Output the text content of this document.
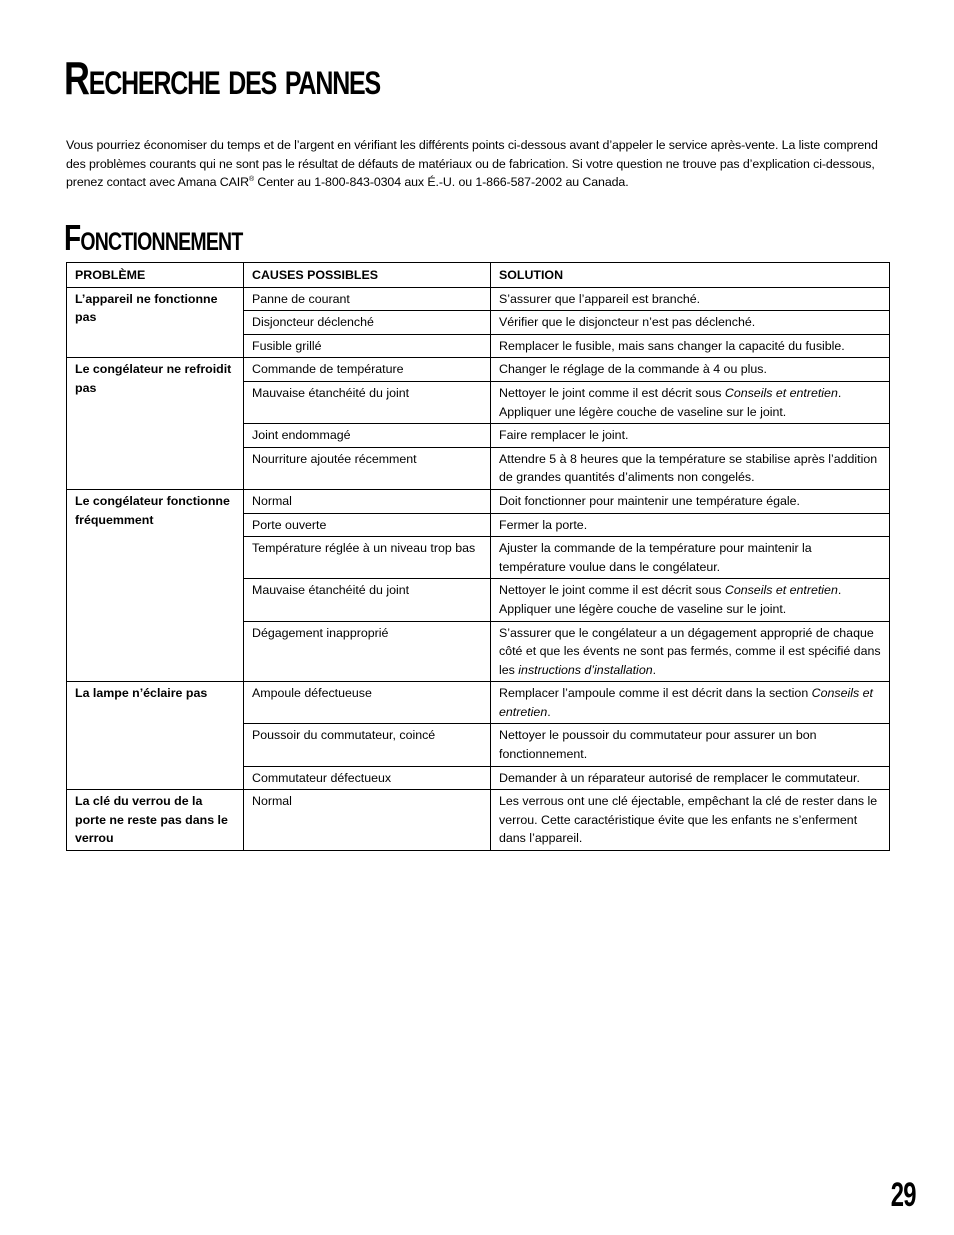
Recherche des pannes

Vous pourriez économiser du temps et de l’argent en vérifiant les différents points ci-dessous avant d’appeler le service après-vente. La liste comprend des problèmes courants qui ne sont pas le résultat de défauts de matériaux ou de fabrication. Si votre question ne trouve pas d’explication ci-dessous, prenez contact avec Amana CAIR® Center au 1-800-843-0304 aux É.-U. ou 1-866-587-2002 au Canada.

Fonctionnement
PROBLÈME	CAUSES POSSIBLES	SOLUTION
L’appareil ne fonctionne pas	Panne de courant	S’assurer que l’appareil est branché.
	Disjoncteur déclenché	Vérifier que le disjoncteur n’est pas déclenché.
	Fusible grillé	Remplacer le fusible, mais sans changer la capacité du fusible.
Le congélateur ne refroidit pas	Commande de température	Changer le réglage de la commande à 4 ou plus.
	Mauvaise étanchéité du joint	Nettoyer le joint comme il est décrit sous Conseils et entretien. Appliquer une légère couche de vaseline sur le joint.
	Joint endommagé	Faire remplacer le joint.
	Nourriture ajoutée récemment	Attendre 5 à 8 heures que la température se stabilise après l’addition de grandes quantités d’aliments non congelés.
Le congélateur fonctionne fréquemment	Normal	Doit fonctionner pour maintenir une température égale.
	Porte ouverte	Fermer la porte.
	Température réglée à un niveau trop bas	Ajuster la commande de la température pour maintenir la température voulue dans le congélateur.
	Mauvaise étanchéité du joint	Nettoyer le joint comme il est décrit sous Conseils et entretien. Appliquer une légère couche de vaseline sur le joint.
	Dégagement inapproprié	S’assurer que le congélateur a un dégagement approprié de chaque côté et que les évents ne sont pas fermés, comme il est spécifié dans les instructions d’installation.
La lampe n’éclaire pas	Ampoule défectueuse	Remplacer l’ampoule comme il est décrit dans la section Conseils et entretien.
	Poussoir du commutateur, coincé	Nettoyer le poussoir du commutateur pour assurer un bon fonctionnement.
	Commutateur défectueux	Demander à un réparateur autorisé de remplacer le commutateur.
La clé du verrou de la porte ne reste pas dans le verrou	Normal	Les verrous ont une clé éjectable, empêchant la clé de rester dans le verrou. Cette caractéristique évite que les enfants ne s’enferment dans l’appareil.
29
